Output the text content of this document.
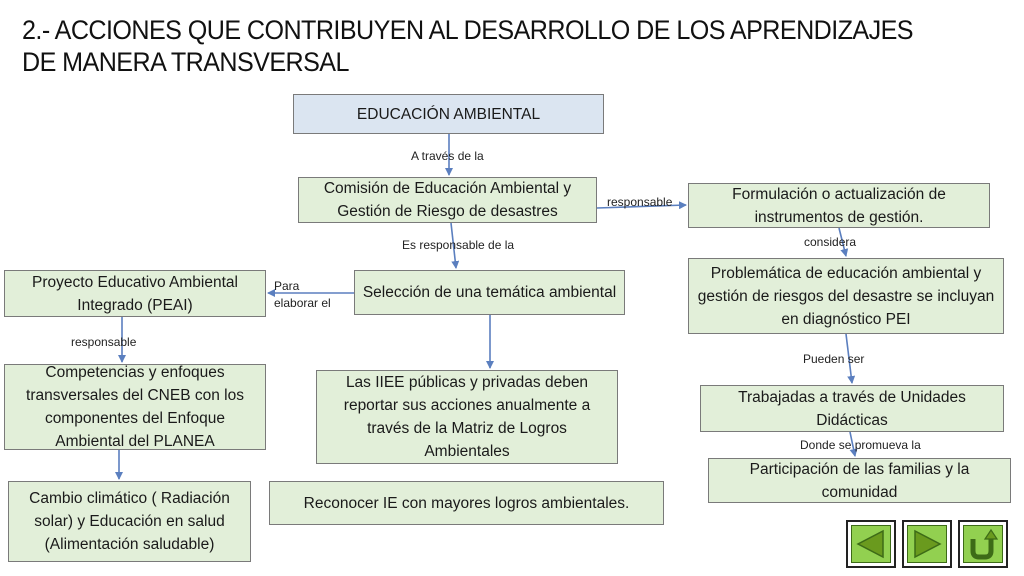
2.- ACCIONES QUE CONTRIBUYEN AL DESARROLLO DE LOS APRENDIZAJES DE MANERA TRANSVERSAL
EDUCACIÓN AMBIENTAL
A través de la
Comisión de Educación Ambiental y Gestión de Riesgo de desastres
responsable	Formulación o actualización de instrumentos de gestión.
Es responsable de la	considera
Selección de una temática ambiental
Proyecto Educativo Ambiental Integrado (PEAI)
Para
elaborar el
Problemática de educación ambiental y gestión de riesgos del desastre se incluyan en diagnóstico PEI
responsable
Pueden ser
Competencias y enfoques transversales del CNEB con los componentes del Enfoque Ambiental del PLANEA
Las IIEE públicas y privadas deben reportar sus acciones anualmente a través de la Matriz de Logros Ambientales
Trabajadas a través de Unidades Didácticas
Donde se promueva la
Participación de las familias y la comunidad
Cambio climático ( Radiación solar) y Educación en salud (Alimentación saludable)
Reconocer IE con mayores logros ambientales.
